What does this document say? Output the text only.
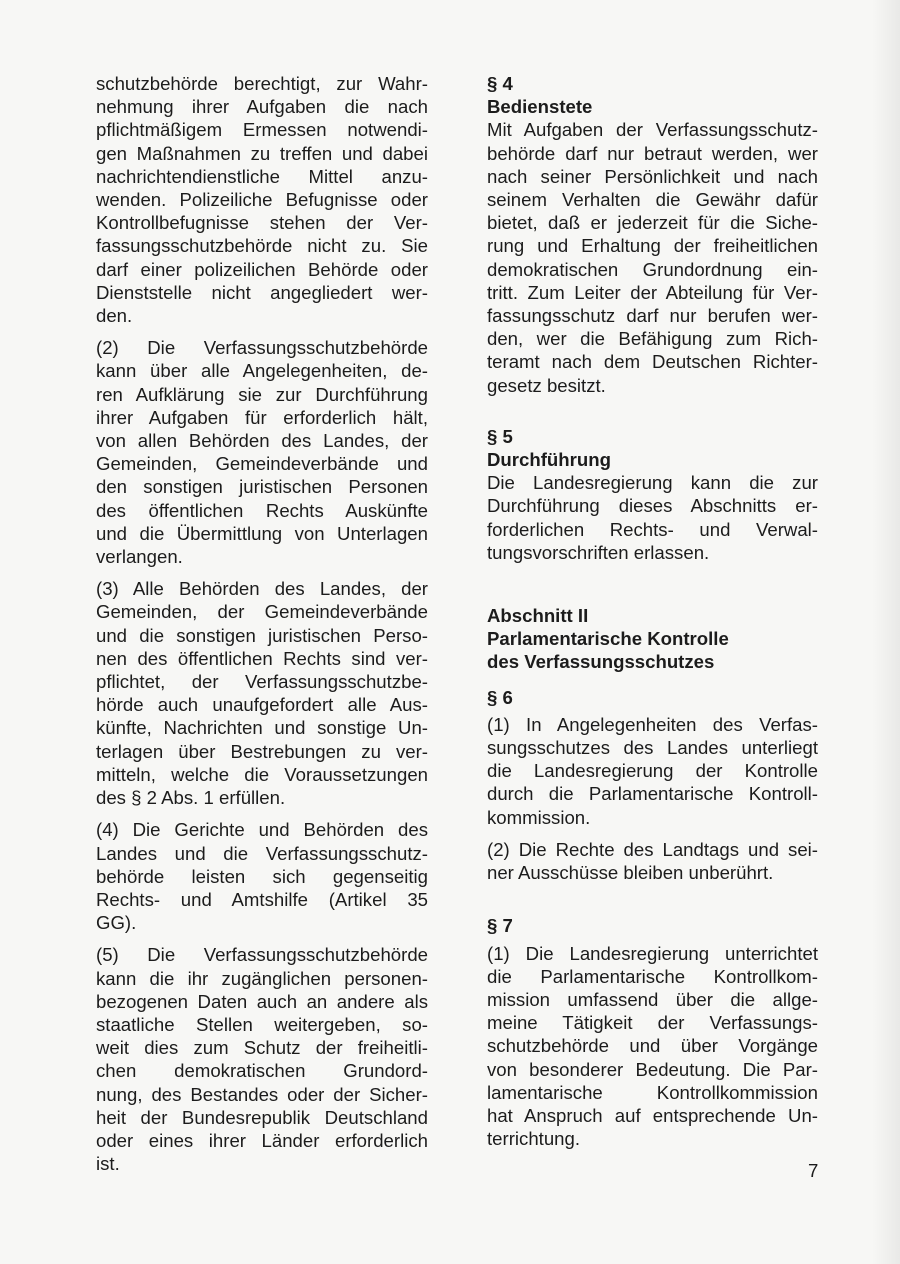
schutzbehörde berechtigt, zur Wahr-
nehmung ihrer Aufgaben die nach
pflichtmäßigem Ermessen notwendi-
gen Maßnahmen zu treffen und dabei
nachrichtendienstliche Mittel anzu-
wenden. Polizeiliche Befugnisse oder
Kontrollbefugnisse stehen der Ver-
fassungsschutzbehörde nicht zu. Sie
darf einer polizeilichen Behörde oder
Dienststelle nicht angegliedert wer-
den.
(2) Die Verfassungsschutzbehörde
kann über alle Angelegenheiten, de-
ren Aufklärung sie zur Durchführung
ihrer Aufgaben für erforderlich hält,
von allen Behörden des Landes, der
Gemeinden, Gemeindeverbände und
den sonstigen juristischen Personen
des öffentlichen Rechts Auskünfte
und die Übermittlung von Unterlagen
verlangen.
(3) Alle Behörden des Landes, der
Gemeinden, der Gemeindeverbände
und die sonstigen juristischen Perso-
nen des öffentlichen Rechts sind ver-
pflichtet, der Verfassungsschutzbe-
hörde auch unaufgefordert alle Aus-
künfte, Nachrichten und sonstige Un-
terlagen über Bestrebungen zu ver-
mitteln, welche die Voraussetzungen
des § 2 Abs. 1 erfüllen.
(4) Die Gerichte und Behörden des
Landes und die Verfassungsschutz-
behörde leisten sich gegenseitig
Rechts- und Amtshilfe (Artikel 35
GG).
(5) Die Verfassungsschutzbehörde
kann die ihr zugänglichen personen-
bezogenen Daten auch an andere als
staatliche Stellen weitergeben, so-
weit dies zum Schutz der freiheitli-
chen demokratischen Grundord-
nung, des Bestandes oder der Sicher-
heit der Bundesrepublik Deutschland
oder eines ihrer Länder erforderlich
ist.
§ 4
Bedienstete
Mit Aufgaben der Verfassungsschutz-
behörde darf nur betraut werden, wer
nach seiner Persönlichkeit und nach
seinem Verhalten die Gewähr dafür
bietet, daß er jederzeit für die Siche-
rung und Erhaltung der freiheitlichen
demokratischen Grundordnung ein-
tritt. Zum Leiter der Abteilung für Ver-
fassungsschutz darf nur berufen wer-
den, wer die Befähigung zum Rich-
teramt nach dem Deutschen Richter-
gesetz besitzt.
§ 5
Durchführung
Die Landesregierung kann die zur
Durchführung dieses Abschnitts er-
forderlichen Rechts- und Verwal-
tungsvorschriften erlassen.
Abschnitt II
Parlamentarische Kontrolle
des Verfassungsschutzes
§ 6
(1) In Angelegenheiten des Verfas-
sungsschutzes des Landes unterliegt
die Landesregierung der Kontrolle
durch die Parlamentarische Kontroll-
kommission.
(2) Die Rechte des Landtags und sei-
ner Ausschüsse bleiben unberührt.
§ 7
(1) Die Landesregierung unterrichtet
die Parlamentarische Kontrollkom-
mission umfassend über die allge-
meine Tätigkeit der Verfassungs-
schutzbehörde und über Vorgänge
von besonderer Bedeutung. Die Par-
lamentarische Kontrollkommission
hat Anspruch auf entsprechende Un-
terrichtung.
7
